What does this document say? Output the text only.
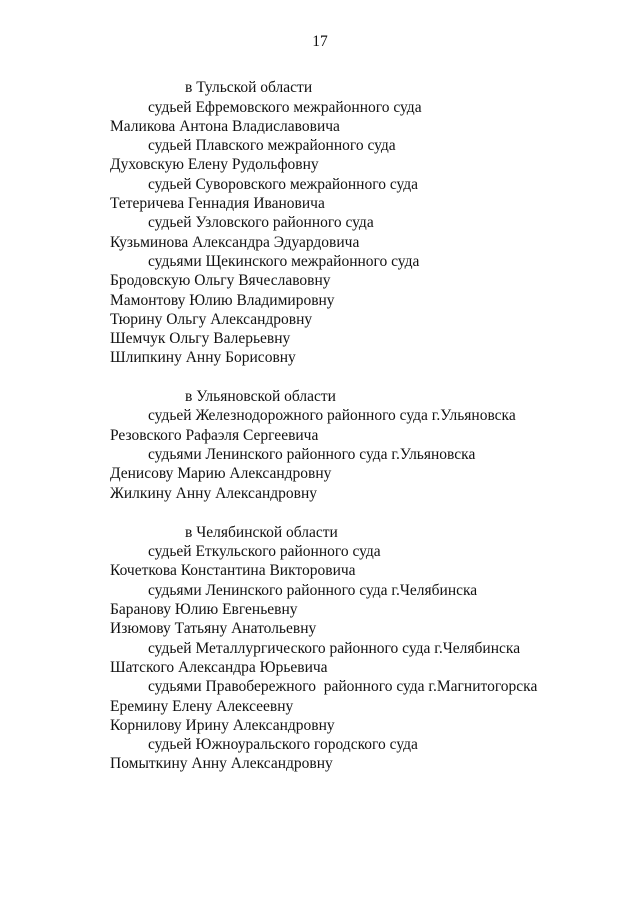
17
в Тульской области
судьей Ефремовского межрайонного суда
Маликова Антона Владиславовича
судьей Плавского межрайонного суда
Духовскую Елену Рудольфовну
судьей Суворовского межрайонного суда
Тетеричева Геннадия Ивановича
судьей Узловского районного суда
Кузьминова Александра Эдуардовича
судьями Щекинского межрайонного суда
Бродовскую Ольгу Вячеславовну
Мамонтову Юлию Владимировну
Тюрину Ольгу Александровну
Шемчук Ольгу Валерьевну
Шлипкину Анну Борисовну
в Ульяновской области
судьей Железнодорожного районного суда г.Ульяновска
Резовского Рафаэля Сергеевича
судьями Ленинского районного суда г.Ульяновска
Денисову Марию Александровну
Жилкину Анну Александровну
в Челябинской области
судьей Еткульского районного суда
Кочеткова Константина Викторовича
судьями Ленинского районного суда г.Челябинска
Баранову Юлию Евгеньевну
Изюмову Татьяну Анатольевну
судьей Металлургического районного суда г.Челябинска
Шатского Александра Юрьевича
судьями Правобережного  районного суда г.Магнитогорска
Еремину Елену Алексеевну
Корнилову Ирину Александровну
судьей Южноуральского городского суда
Помыткину Анну Александровну
